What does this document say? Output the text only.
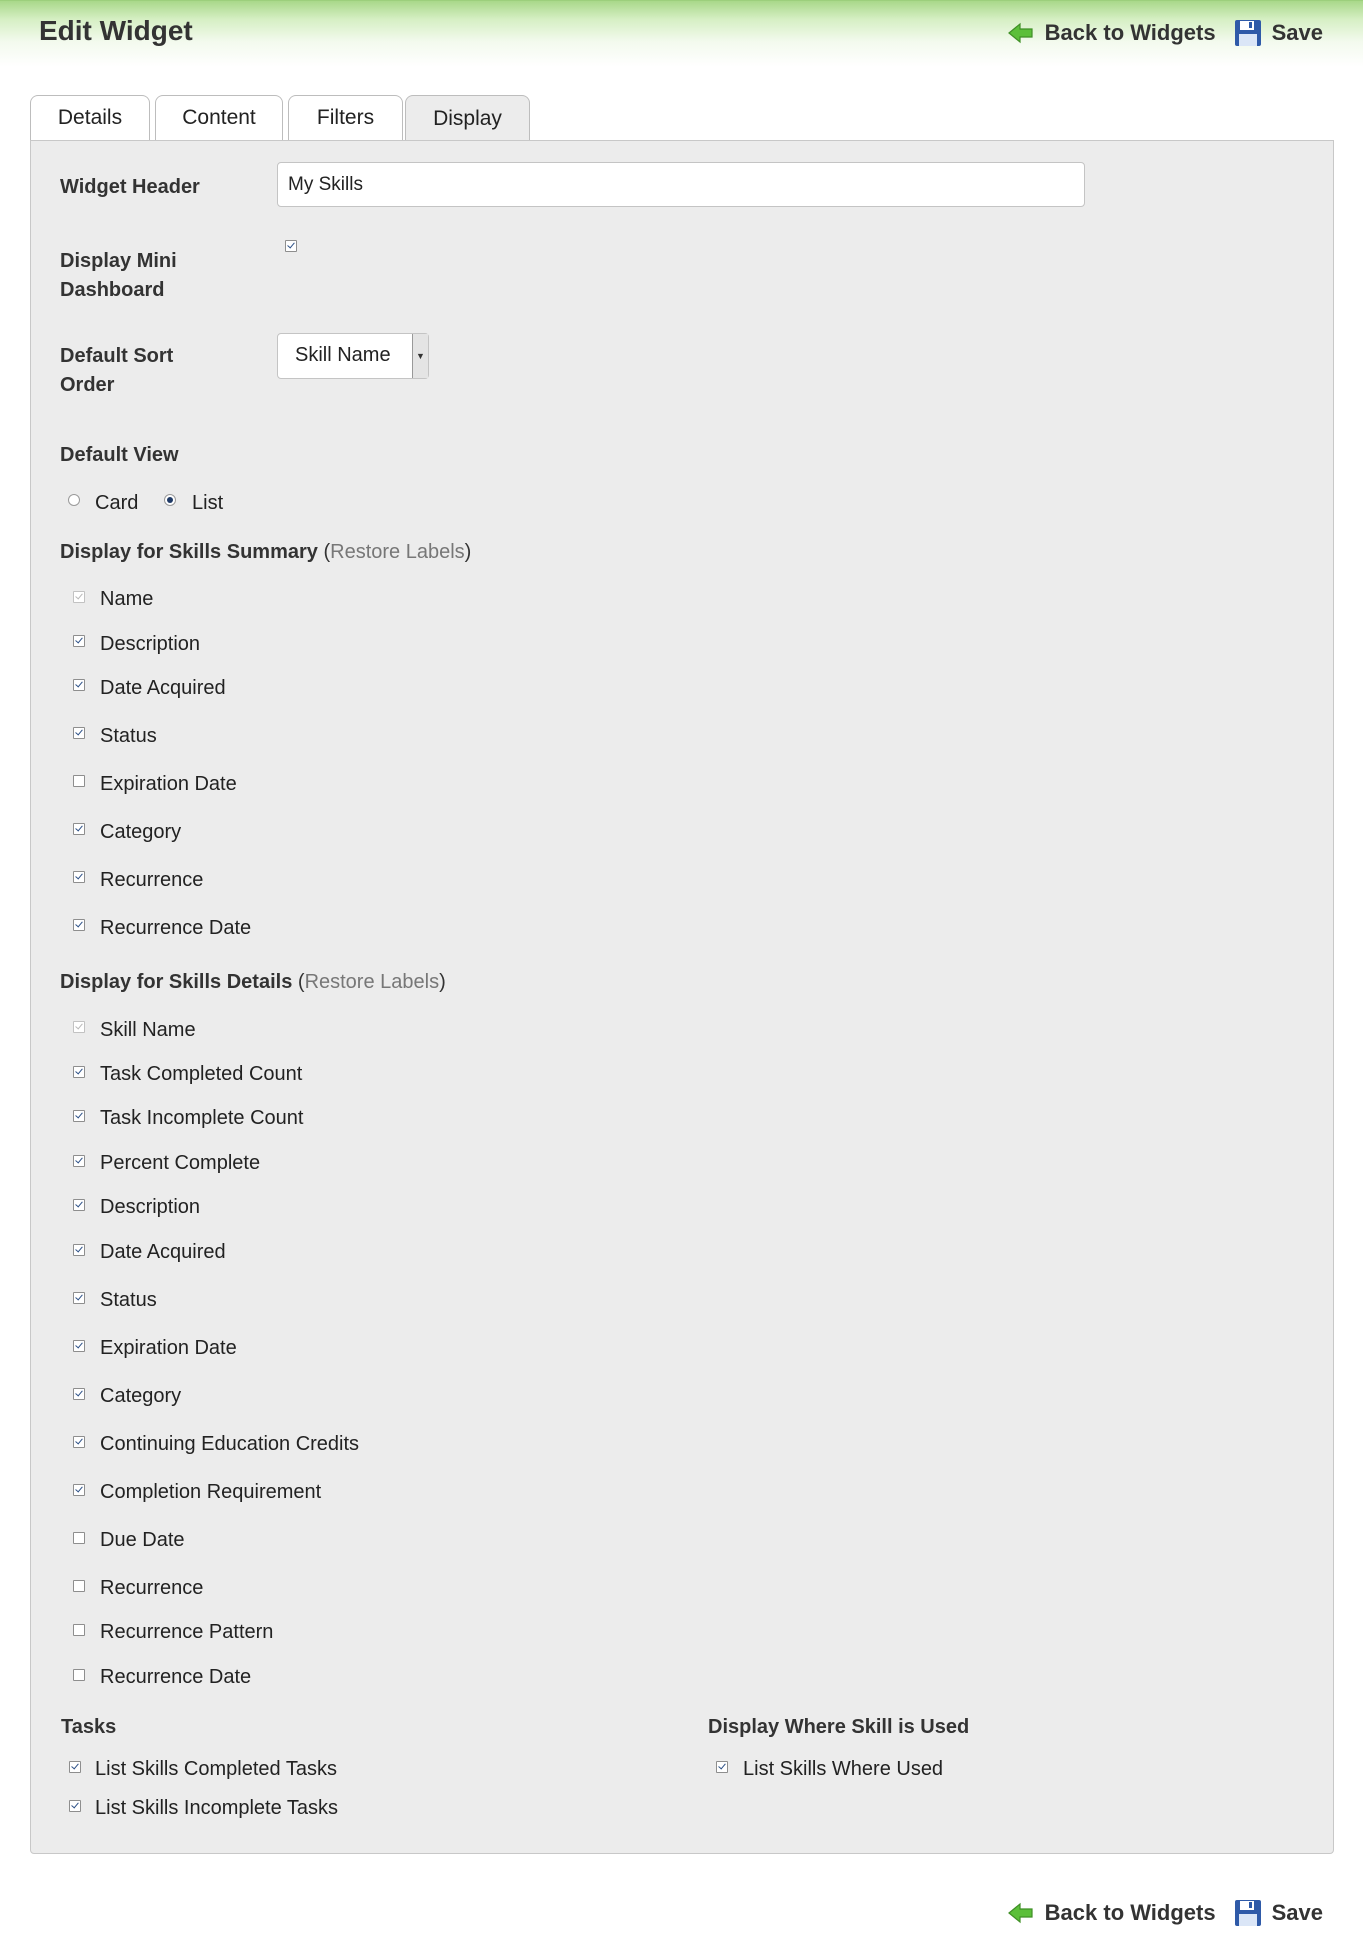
Edit Widget	Back to Widgets	Save
Details	Content	Filters	Display
Widget Header
My Skills
Display Mini
Dashboard
Default Sort
Order
Skill Name	▼
Default View
Card	List
Display for Skills Summary (Restore Labels)
Name
Description
Date Acquired
Status
Expiration Date
Category
Recurrence
Recurrence Date
Display for Skills Details (Restore Labels)
Skill Name
Task Completed Count
Task Incomplete Count
Percent Complete
Description
Date Acquired
Status
Expiration Date
Category
Continuing Education Credits
Completion Requirement
Due Date
Recurrence
Recurrence Pattern
Recurrence Date
Tasks
List Skills Completed Tasks
List Skills Incomplete Tasks
Display Where Skill is Used
List Skills Where Used
Back to Widgets	Save
